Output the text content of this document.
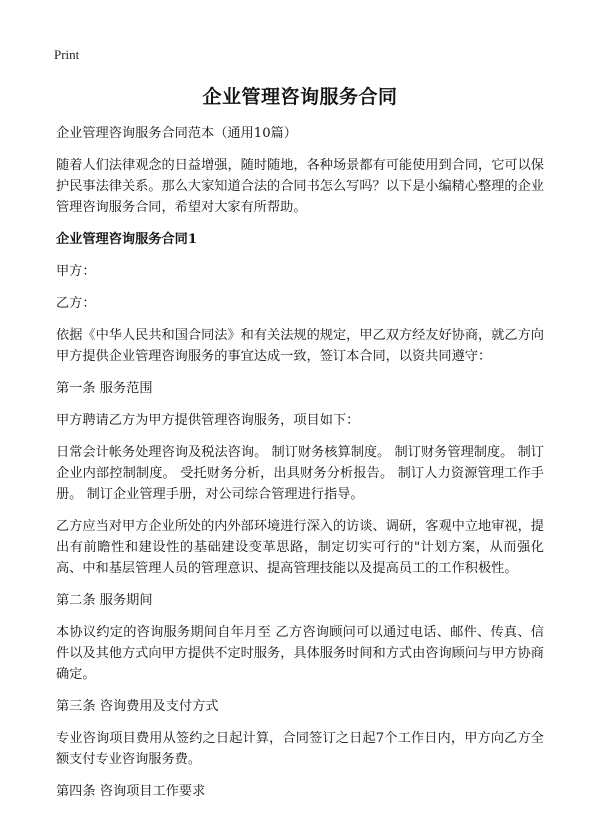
Print
企业管理咨询服务合同

企业管理咨询服务合同范本（通用10篇）

随着人们法律观念的日益增强，随时随地，各种场景都有可能使用到合同，它可以保护民事法律关系。那么大家知道合法的合同书怎么写吗？以下是小编精心整理的企业管理咨询服务合同，希望对大家有所帮助。

企业管理咨询服务合同1

甲方：

乙方：

依据《中华人民共和国合同法》和有关法规的规定，甲乙双方经友好协商，就乙方向甲方提供企业管理咨询服务的事宜达成一致，签订本合同，以资共同遵守：

第一条 服务范围

甲方聘请乙方为甲方提供管理咨询服务，项目如下：

日常会计帐务处理咨询及税法咨询。 制订财务核算制度。 制订财务管理制度。 制订企业内部控制制度。 受托财务分析，出具财务分析报告。 制订人力资源管理工作手册。 制订企业管理手册，对公司综合管理进行指导。

乙方应当对甲方企业所处的内外部环境进行深入的访谈、调研，客观中立地审视，提出有前瞻性和建设性的基础建设变革思路，制定切实可行的"计划方案，从而强化高、中和基层管理人员的管理意识、提高管理技能以及提高员工的工作积极性。

第二条 服务期间

本协议约定的咨询服务期间自年月至 乙方咨询顾问可以通过电话、邮件、传真、信件以及其他方式向甲方提供不定时服务，具体服务时间和方式由咨询顾问与甲方协商确定。

第三条 咨询费用及支付方式

专业咨询项目费用从签约之日起计算，合同签订之日起7个工作日内，甲方向乙方全额支付专业咨询服务费。

第四条 咨询项目工作要求
